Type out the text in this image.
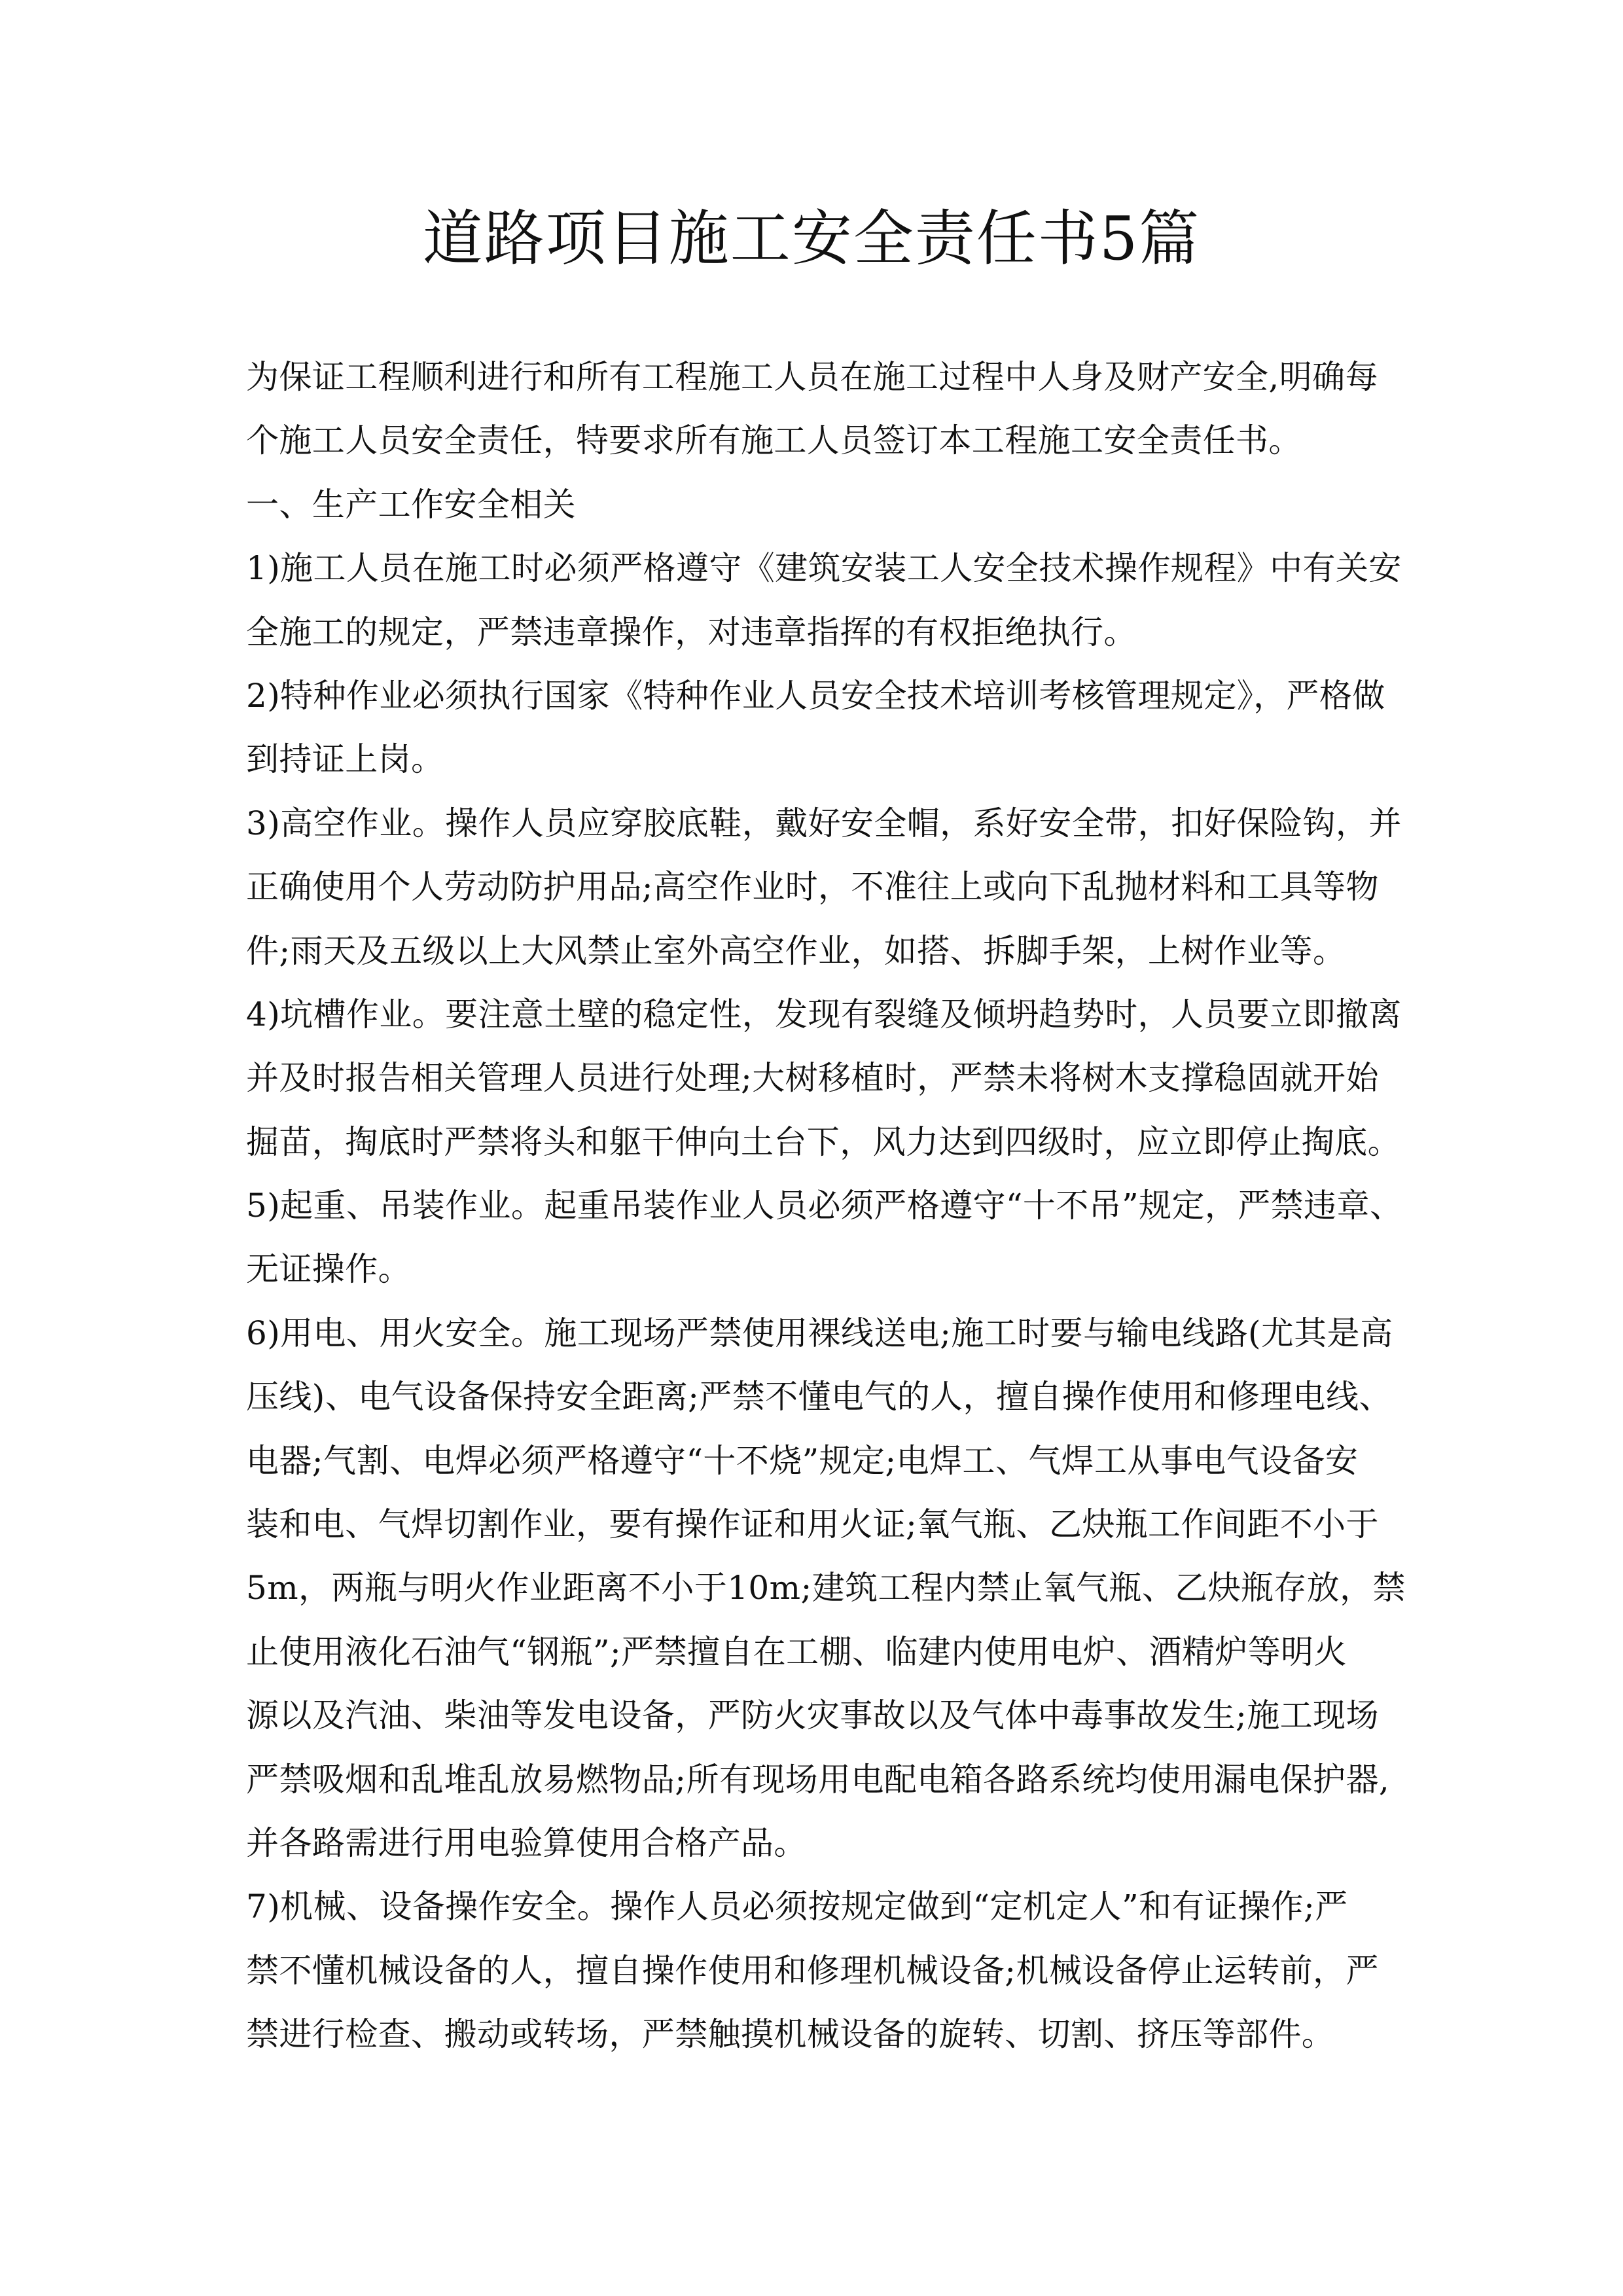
道路项目施工安全责任书5篇
为保证工程顺利进行和所有工程施工人员在施工过程中人身及财产安全,明确每
个施工人员安全责任，特要求所有施工人员签订本工程施工安全责任书。
一、生产工作安全相关
1)施工人员在施工时必须严格遵守《建筑安装工人安全技术操作规程》中有关安
全施工的规定，严禁违章操作，对违章指挥的有权拒绝执行。
2)特种作业必须执行国家《特种作业人员安全技术培训考核管理规定》，严格做
到持证上岗。
3)高空作业。操作人员应穿胶底鞋，戴好安全帽，系好安全带，扣好保险钩，并
正确使用个人劳动防护用品;高空作业时，不准往上或向下乱抛材料和工具等物
件;雨天及五级以上大风禁止室外高空作业，如搭、拆脚手架，上树作业等。
4)坑槽作业。要注意土壁的稳定性，发现有裂缝及倾坍趋势时，人员要立即撤离
并及时报告相关管理人员进行处理;大树移植时，严禁未将树木支撑稳固就开始
掘苗，掏底时严禁将头和躯干伸向土台下，风力达到四级时，应立即停止掏底。
5)起重、吊装作业。起重吊装作业人员必须严格遵守“十不吊”规定，严禁违章、
无证操作。
6)用电、用火安全。施工现场严禁使用裸线送电;施工时要与输电线路(尤其是高
压线)、电气设备保持安全距离;严禁不懂电气的人，擅自操作使用和修理电线、
电器;气割、电焊必须严格遵守“十不烧”规定;电焊工、气焊工从事电气设备安
装和电、气焊切割作业，要有操作证和用火证;氧气瓶、乙炔瓶工作间距不小于
5m，两瓶与明火作业距离不小于10m;建筑工程内禁止氧气瓶、乙炔瓶存放，禁
止使用液化石油气“钢瓶”;严禁擅自在工棚、临建内使用电炉、酒精炉等明火
源以及汽油、柴油等发电设备，严防火灾事故以及气体中毒事故发生;施工现场
严禁吸烟和乱堆乱放易燃物品;所有现场用电配电箱各路系统均使用漏电保护器,
并各路需进行用电验算使用合格产品。
7)机械、设备操作安全。操作人员必须按规定做到“定机定人”和有证操作;严
禁不懂机械设备的人，擅自操作使用和修理机械设备;机械设备停止运转前，严
禁进行检查、搬动或转场，严禁触摸机械设备的旋转、切割、挤压等部件。
